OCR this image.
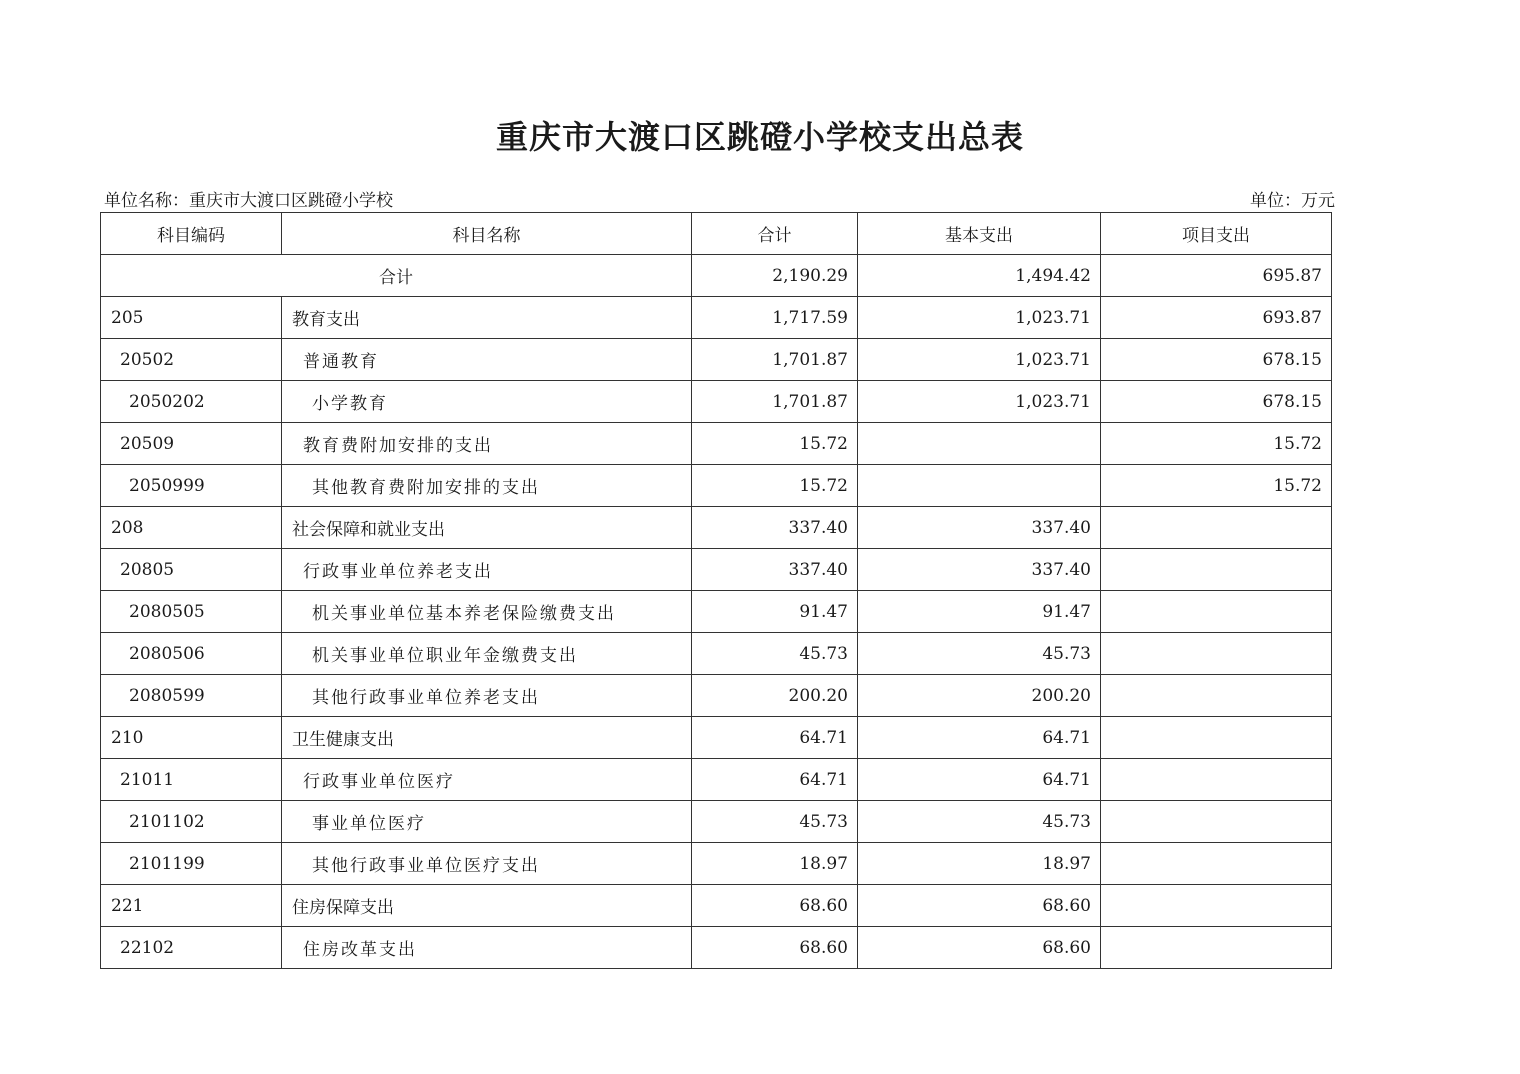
重庆市大渡口区跳磴小学校支出总表
单位名称：重庆市大渡口区跳磴小学校	单位：万元
科目编码	科目名称	合计	基本支出	项目支出
合计		2,190.29	1,494.42	695.87
205	教育支出	1,717.59	1,023.71	693.87
20502	普通教育	1,701.87	1,023.71	678.15
2050202	小学教育	1,701.87	1,023.71	678.15
20509	教育费附加安排的支出	15.72		15.72
2050999	其他教育费附加安排的支出	15.72		15.72
208	社会保障和就业支出	337.40	337.40	
20805	行政事业单位养老支出	337.40	337.40	
2080505	机关事业单位基本养老保险缴费支出	91.47	91.47	
2080506	机关事业单位职业年金缴费支出	45.73	45.73	
2080599	其他行政事业单位养老支出	200.20	200.20	
210	卫生健康支出	64.71	64.71	
21011	行政事业单位医疗	64.71	64.71	
2101102	事业单位医疗	45.73	45.73	
2101199	其他行政事业单位医疗支出	18.97	18.97	
221	住房保障支出	68.60	68.60	
22102	住房改革支出	68.60	68.60	
